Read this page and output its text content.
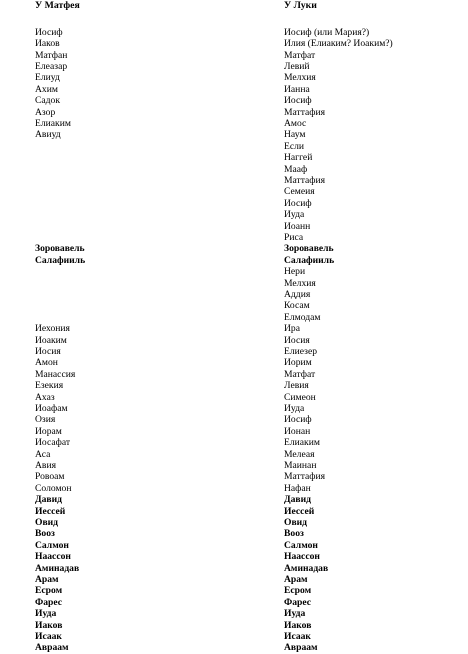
У Матфея
Иосиф
Иаков
Матфан
Елеазар
Елиуд
Ахим
Садок
Азор
Елиаким
Авиуд
Зоровавель
Салафииль
Иехония
Иоаким
Иосия
Амон
Манассия
Езекия
Ахаз
Иоафам
Озия
Иорам
Иосафат
Аса
Авия
Ровоам
Соломон
Давид
Иессей
Овид
Вооз
Салмон
Наассон
Аминадав
Арам
Есром
Фарес
Иуда
Иаков
Исаак
Авраам
У Луки
Иосиф (или Мария?)
Илия (Елиаким? Иоаким?)
Матфат
Левий
Мелхия
Ианна
Иосиф
Маттафия
Амос
Наум
Если
Наггей
Мааф
Маттафия
Семеия
Иосиф
Иуда
Иоанн
Риса
Зоровавель
Салафииль
Нери
Мелхия
Аддия
Косам
Елмодам
Ира
Иосия
Елиезер
Иорим
Матфат
Левия
Симеон
Иуда
Иосиф
Ионан
Елиаким
Мелеая
Маинан
Маттафия
Нафан
Давид
Иессей
Овид
Вооз
Салмон
Наассон
Аминадав
Арам
Есром
Фарес
Иуда
Иаков
Исаак
Авраам
